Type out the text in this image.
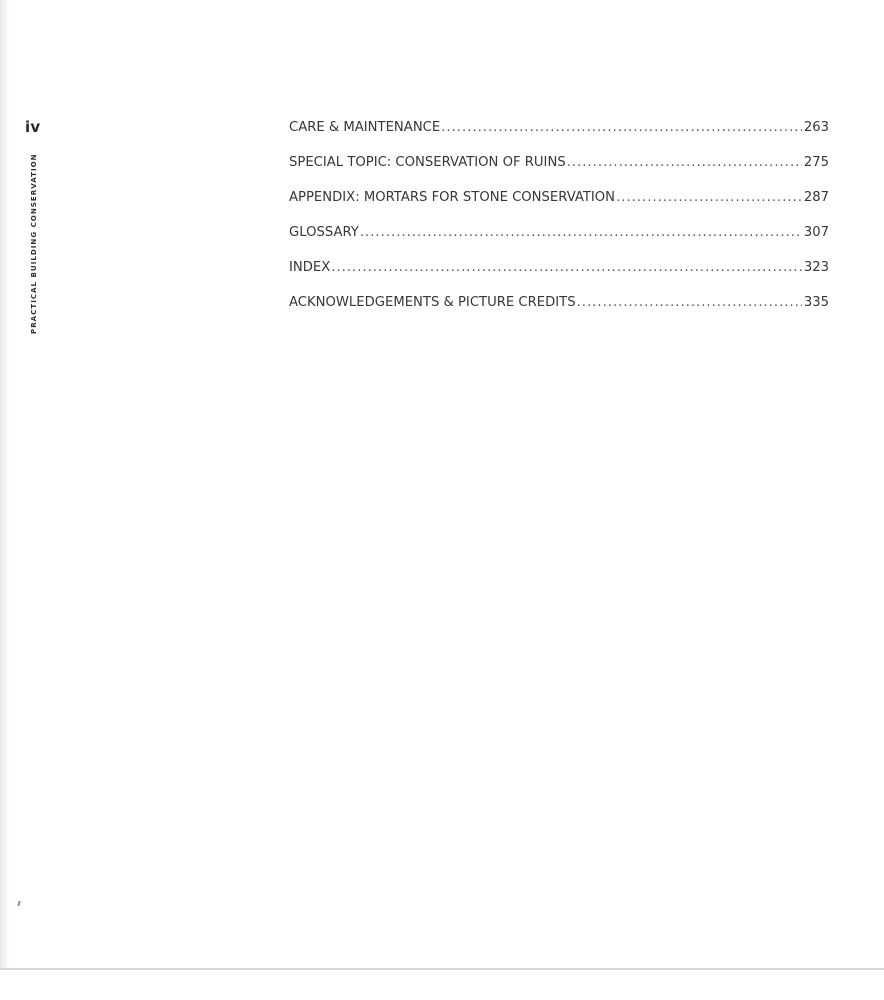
iv
PRACTICAL BUILDING CONSERVATION
CARE & MAINTENANCE .....	263
SPECIAL TOPIC: CONSERVATION OF RUINS .....	275
APPENDIX: MORTARS FOR STONE CONSERVATION .....	287
GLOSSARY .....	307
INDEX .....	323
ACKNOWLEDGEMENTS & PICTURE CREDITS .....	335
